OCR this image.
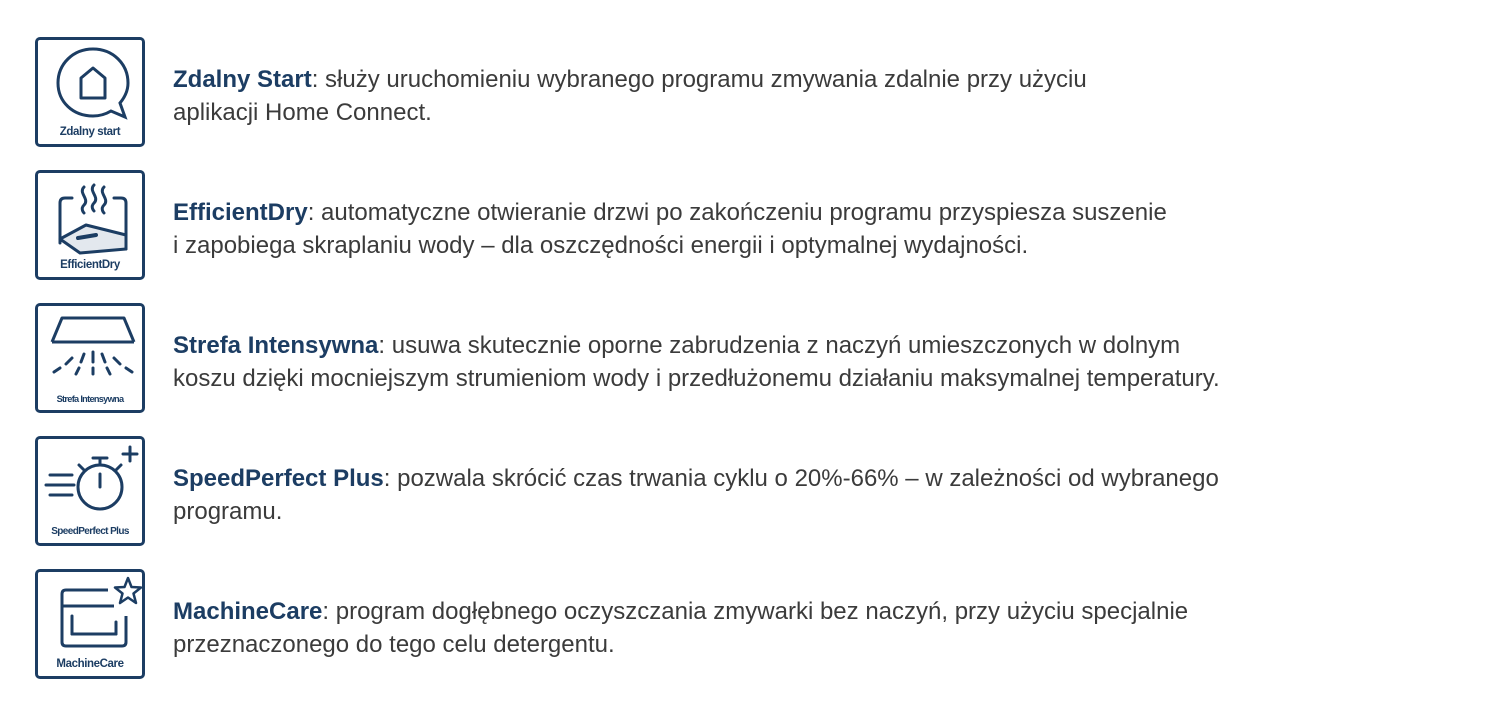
Zdalny start
Zdalny Start: służy uruchomieniu wybranego programu zmywania zdalnie przy użyciu
aplikacji Home Connect.
EfficientDry
EfficientDry: automatyczne otwieranie drzwi po zakończeniu programu przyspiesza suszenie
i zapobiega skraplaniu wody – dla oszczędności energii i optymalnej wydajności.
Strefa Intensywna
Strefa Intensywna: usuwa skutecznie oporne zabrudzenia z naczyń umieszczonych w dolnym
koszu dzięki mocniejszym strumieniom wody i przedłużonemu działaniu maksymalnej temperatury.
SpeedPerfect Plus
SpeedPerfect Plus: pozwala skrócić czas trwania cyklu o 20%-66% – w zależności od wybranego
programu.
MachineCare
MachineCare: program dogłębnego oczyszczania zmywarki bez naczyń, przy użyciu specjalnie
przeznaczonego do tego celu detergentu.
